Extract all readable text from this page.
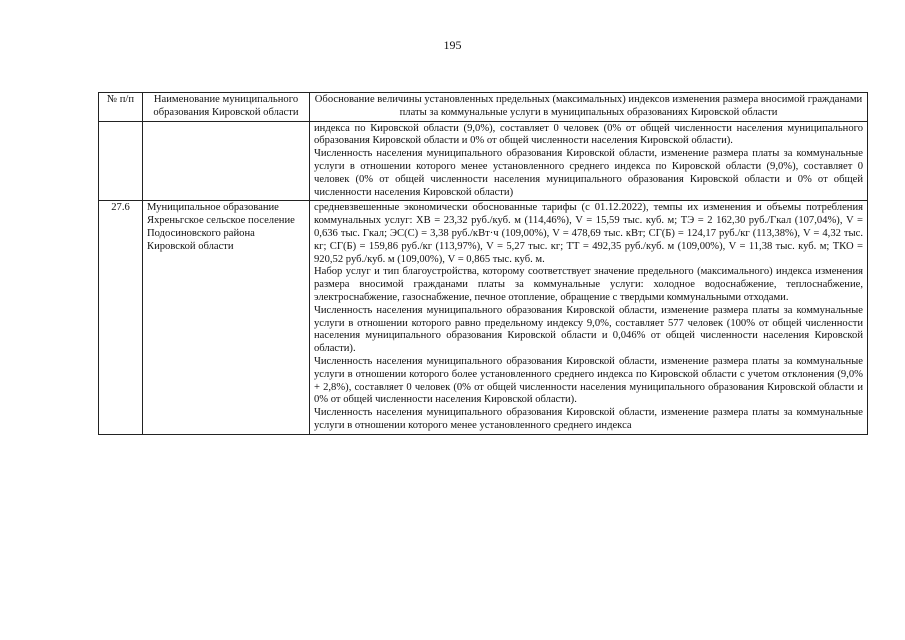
195
№ п/п	Наименование муниципального образования Кировской области	Обоснование величины установленных предельных (максимальных) индексов изменения размера вносимой гражданами платы за коммунальные услуги в муниципальных образованиях Кировской области

		индекса по Кировской области (9,0%), составляет 0 человек (0% от общей численности населения муниципального образования Кировской области и 0% от общей численности населения Кировской области).

Численность населения муниципального образования Кировской области, изменение размера платы за коммунальные услуги в отношении которого менее установленного среднего индекса по Кировской области (9,0%), составляет 0 человек (0% от общей численности населения муниципального образования Кировской области и 0% от общей численности населения Кировской области)

27.6	Муниципальное образование Яхреньгское сельское поселение Подосиновского района Кировской области	средневзвешенные экономически обоснованные тарифы (с 01.12.2022), темпы их изменения и объемы потребления коммунальных услуг: ХВ = 23,32 руб./куб. м (114,46%), V = 15,59 тыс. куб. м; ТЭ = 2 162,30 руб./Гкал (107,04%), V = 0,636 тыс. Гкал; ЭС(С) = 3,38 руб./кВт·ч (109,00%), V = 478,69 тыс. кВт; СГ(Б) = 124,17 руб./кг (113,38%), V = 4,32 тыс. кг; СГ(Б) = 159,86 руб./кг (113,97%), V = 5,27 тыс. кг; ТТ = 492,35 руб./куб. м (109,00%), V = 11,38 тыс. куб. м; ТКО = 920,52 руб./куб. м (109,00%), V = 0,865 тыс. куб. м.

Набор услуг и тип благоустройства, которому соответствует значение предельного (максимального) индекса изменения размера вносимой гражданами платы за коммунальные услуги: холодное водоснабжение, теплоснабжение, электроснабжение, газоснабжение, печное отопление, обращение с твердыми коммунальными отходами.

Численность населения муниципального образования Кировской области, изменение размера платы за коммунальные услуги в отношении которого равно предельному индексу 9,0%, составляет 577 человек (100% от общей численности населения муниципального образования Кировской области и 0,046% от общей численности населения Кировской области).

Численность населения муниципального образования Кировской области, изменение размера платы за коммунальные услуги в отношении которого более установленного среднего индекса по Кировской области с учетом отклонения (9,0% + 2,8%), составляет 0 человек (0% от общей численности населения муниципального образования Кировской области и 0% от общей численности населения Кировской области).

Численность населения муниципального образования Кировской области, изменение размера платы за коммунальные услуги в отношении которого менее установленного среднего индекса
